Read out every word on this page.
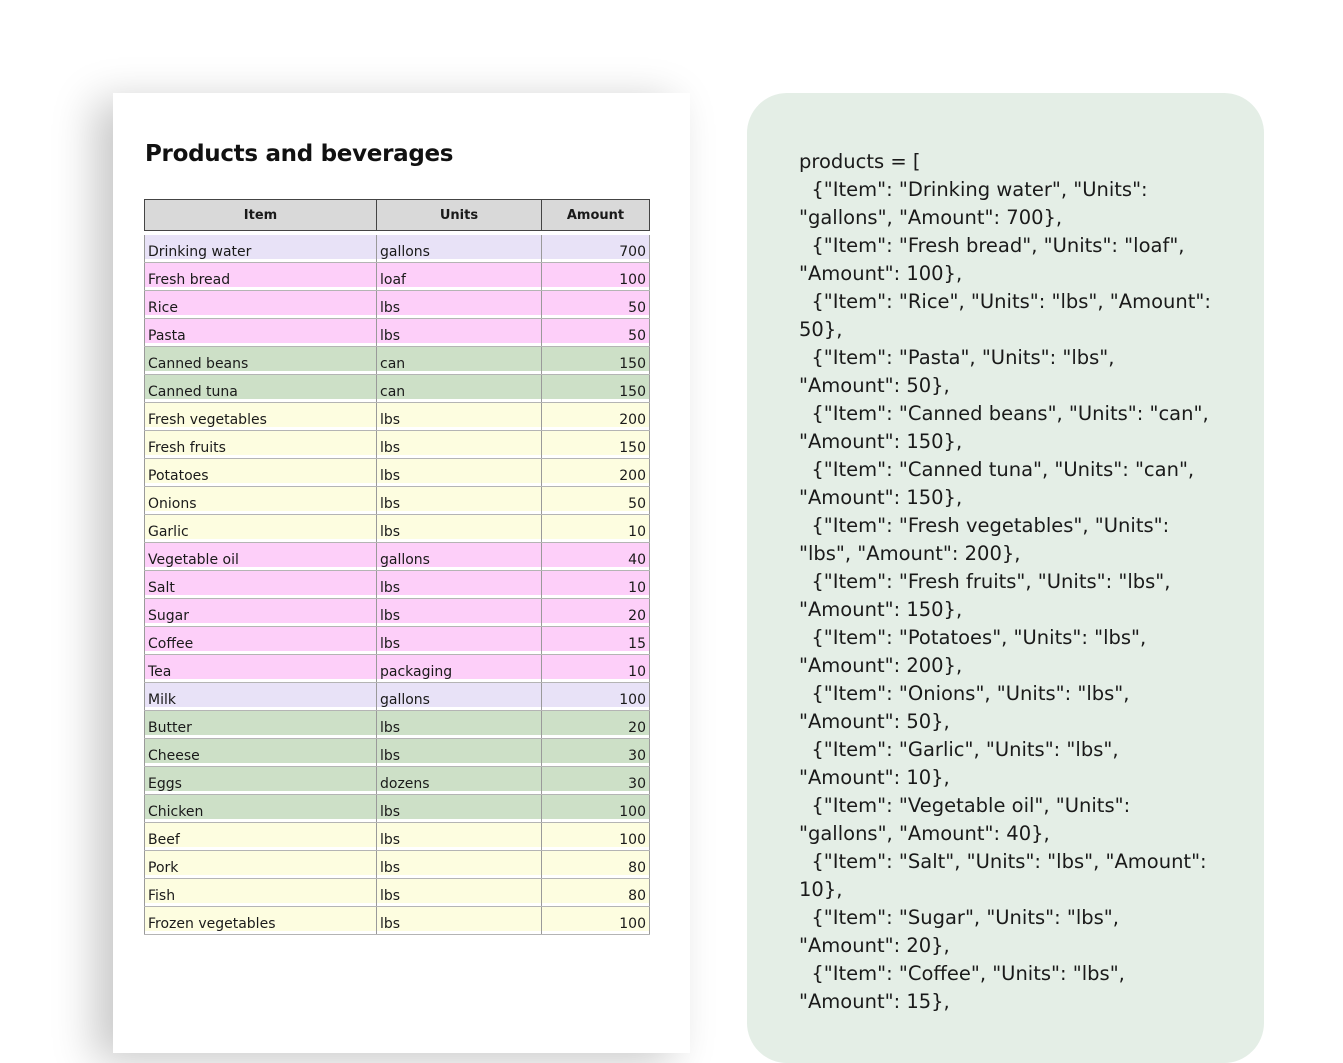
Products and beverages
Item	Units	Amount

Drinking water	gallons	700
Fresh bread	loaf	100
Rice	lbs	50
Pasta	lbs	50
Canned beans	can	150
Canned tuna	can	150
Fresh vegetables	lbs	200
Fresh fruits	lbs	150
Potatoes	lbs	200
Onions	lbs	50
Garlic	lbs	10
Vegetable oil	gallons	40
Salt	lbs	10
Sugar	lbs	20
Coffee	lbs	15
Tea	packaging	10
Milk	gallons	100
Butter	lbs	20
Cheese	lbs	30
Eggs	dozens	30
Chicken	lbs	100
Beef	lbs	100
Pork	lbs	80
Fish	lbs	80
Frozen vegetables	lbs	100
products = [
{"Item": "Drinking water", "Units":
"gallons", "Amount": 700},
{"Item": "Fresh bread", "Units": "loaf",
"Amount": 100},
{"Item": "Rice", "Units": "lbs", "Amount":
50},
{"Item": "Pasta", "Units": "lbs",
"Amount": 50},
{"Item": "Canned beans", "Units": "can",
"Amount": 150},
{"Item": "Canned tuna", "Units": "can",
"Amount": 150},
{"Item": "Fresh vegetables", "Units":
"lbs", "Amount": 200},
{"Item": "Fresh fruits", "Units": "lbs",
"Amount": 150},
{"Item": "Potatoes", "Units": "lbs",
"Amount": 200},
{"Item": "Onions", "Units": "lbs",
"Amount": 50},
{"Item": "Garlic", "Units": "lbs",
"Amount": 10},
{"Item": "Vegetable oil", "Units":
"gallons", "Amount": 40},
{"Item": "Salt", "Units": "lbs", "Amount":
10},
{"Item": "Sugar", "Units": "lbs",
"Amount": 20},
{"Item": "Coffee", "Units": "lbs",
"Amount": 15},
